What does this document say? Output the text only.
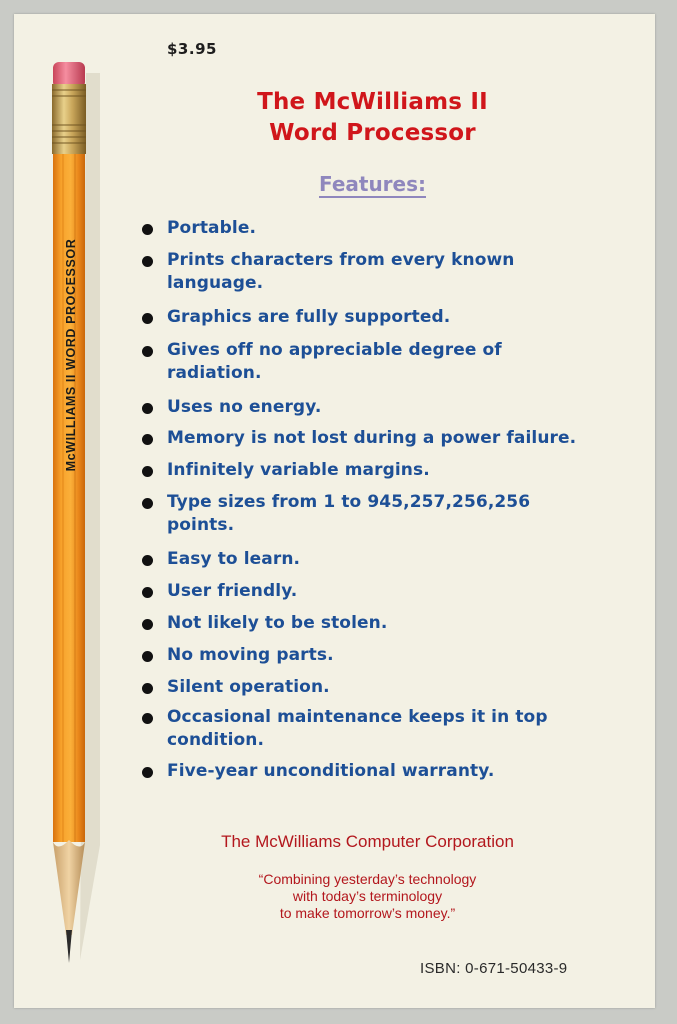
McWILLIAMS II WORD PROCESSOR
$3.95
The McWilliams II
Word Processor
Features:
Portable.
Prints characters from every known
language.
Graphics are fully supported.
Gives off no appreciable degree of
radiation.
Uses no energy.
Memory is not lost during a power failure.
Infinitely variable margins.
Type sizes from 1 to 945,257,256,256
points.
Easy to learn.
User friendly.
Not likely to be stolen.
No moving parts.
Silent operation.
Occasional maintenance keeps it in top
condition.
Five-year unconditional warranty.
The McWilliams Computer Corporation
“Combining yesterday’s technology
with today’s terminology
to make tomorrow’s money.”
ISBN: 0-671-50433-9
